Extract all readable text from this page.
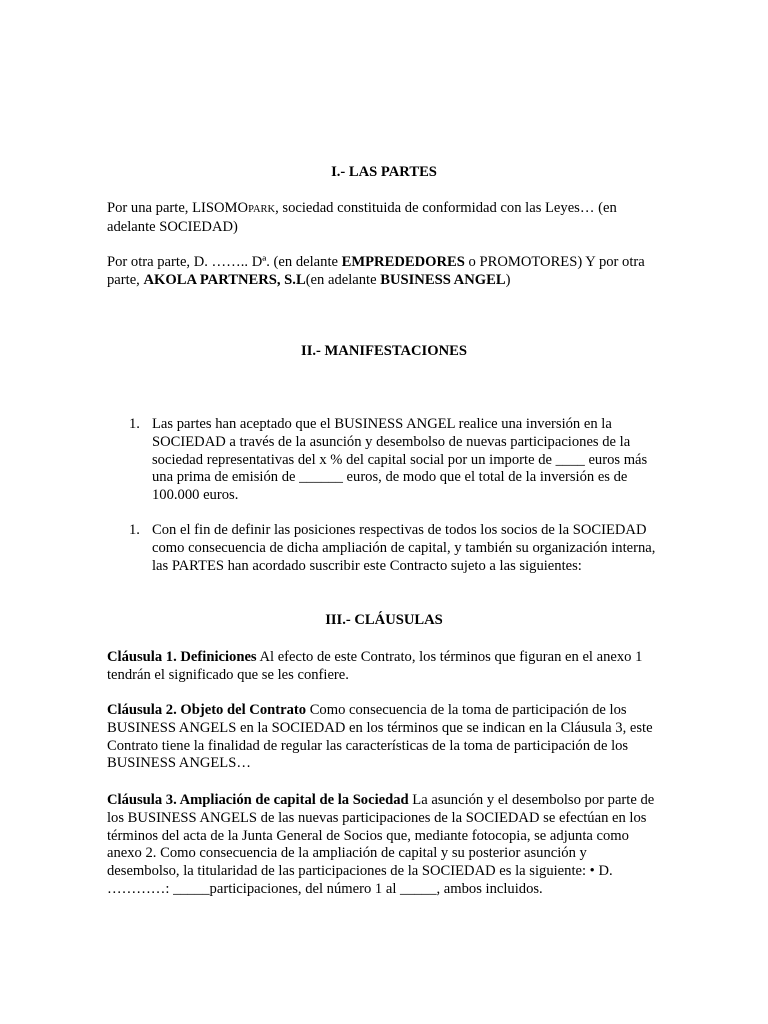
I.- LAS PARTES

Por una parte, LISOMOPARK, sociedad constituida de conformidad con las Leyes… (en adelante SOCIEDAD)

Por otra parte, D. …….. Dª. (en delante EMPREDEDORES o PROMOTORES) Y por otra parte, AKOLA PARTNERS, S.L(en adelante BUSINESS ANGEL)

II.- MANIFESTACIONES
1. Las partes han aceptado que el BUSINESS ANGEL realice una inversión en la SOCIEDAD a través de la asunción y desembolso de nuevas participaciones de la sociedad representativas del x % del capital social por un importe de ____ euros más una prima de emisión de ______ euros, de modo que el total de la inversión es de 100.000 euros.

1. Con el fin de definir las posiciones respectivas de todos los socios de la SOCIEDAD como consecuencia de dicha ampliación de capital, y también su organización interna, las PARTES han acordado suscribir este Contracto sujeto a las siguientes:

III.- CLÁUSULAS

Cláusula 1. Definiciones Al efecto de este Contrato, los términos que figuran en el anexo 1 tendrán el significado que se les confiere.

Cláusula 2. Objeto del Contrato Como consecuencia de la toma de participación de los BUSINESS ANGELS en la SOCIEDAD en los términos que se indican en la Cláusula 3, este Contrato tiene la finalidad de regular las características de la toma de participación de los BUSINESS ANGELS…

Cláusula 3. Ampliación de capital de la Sociedad La asunción y el desembolso por parte de los BUSINESS ANGELS de las nuevas participaciones de la SOCIEDAD se efectúan en los términos del acta de la Junta General de Socios que, mediante fotocopia, se adjunta como anexo 2. Como consecuencia de la ampliación de capital y su posterior asunción y desembolso, la titularidad de las participaciones de la SOCIEDAD es la siguiente: • D. …………: _____participaciones, del número 1 al _____, ambos incluidos.
